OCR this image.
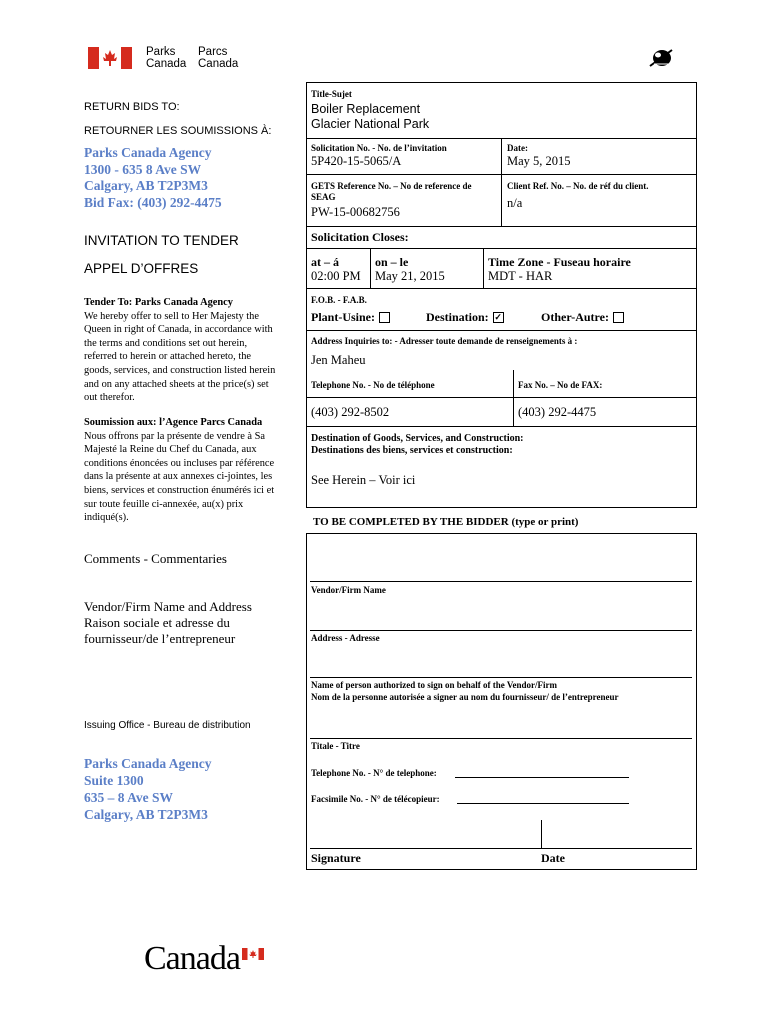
Parks
Canada
Parcs
Canada
RETURN BIDS TO:
RETOURNER LES SOUMISSIONS À:
Parks Canada Agency
1300 - 635 8 Ave SW
Calgary, AB T2P3M3
Bid Fax: (403) 292-4475
INVITATION TO TENDER
APPEL D’OFFRES
Tender To: Parks Canada Agency
We hereby offer to sell to Her Majesty the
Queen in right of Canada, in accordance with
the terms and conditions set out herein,
referred to herein or attached hereto, the
goods, services, and construction listed herein
and on any attached sheets at the price(s) set
out therefor.
Soumission aux: l’Agence Parcs Canada
Nous offrons par la présente de vendre à Sa
Majesté la Reine du Chef du Canada, aux
conditions énoncées ou incluses par référence
dans la présente at aux annexes ci-jointes, les
biens, services et construction énumérés ici et
sur toute feuille ci-annexée, au(x) prix
indiqué(s).
Comments - Commentaries
Vendor/Firm Name and Address
Raison sociale et adresse du
fournisseur/de l’entrepreneur
Issuing Office - Bureau de distribution
Parks Canada Agency
Suite 1300
635 – 8 Ave SW
Calgary, AB T2P3M3
Title-Sujet
Boiler Replacement
Glacier National Park
Solicitation No. - No. de l’invitation
5P420-15-5065/A
Date:
May 5, 2015
GETS Reference No. – No de reference de
SEAG
PW-15-00682756
Client Ref. No. – No. de réf du client.
n/a
Solicitation Closes:
at – á
02:00 PM
on – le
May 21, 2015
Time Zone - Fuseau horaire
MDT - HAR
F.O.B. - F.A.B.
Plant-Usine:	Destination: ✓	Other-Autre:
Address Inquiries to: - Adresser toute demande de renseignements à :
Jen Maheu
Telephone No. - No de téléphone	Fax No. – No de FAX:
(403) 292-8502	(403) 292-4475
Destination of Goods, Services, and Construction:
Destinations des biens, services et construction:
See Herein – Voir ici
TO BE COMPLETED BY THE BIDDER (type or print)
Vendor/Firm Name
Address - Adresse
Name of person authorized to sign on behalf of the Vendor/Firm
Nom de la personne autorisée a signer au nom du fournisseur/ de l’entrepreneur
Titale - Titre
Telephone No. - N° de telephone:
Facsimile No. - N° de télécopieur:
Signature	Date
Canada
